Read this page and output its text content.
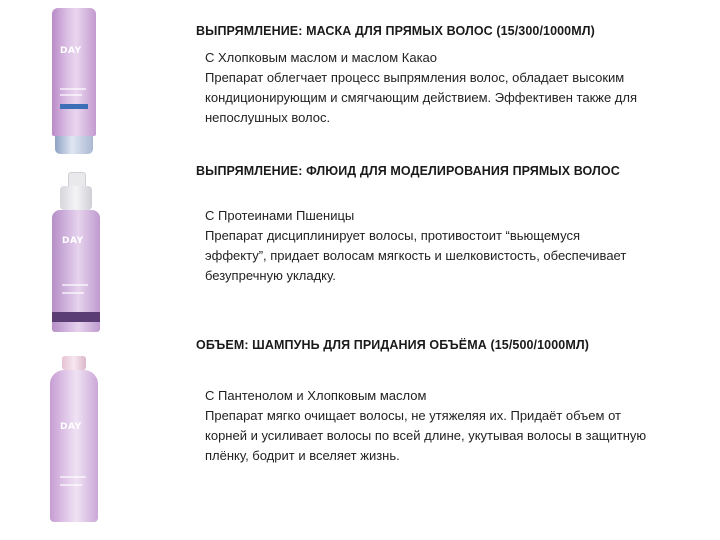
DAY
ВЫПРЯМЛЕНИЕ: МАСКА ДЛЯ ПРЯМЫХ ВОЛОС (15/300/1000МЛ)
С Хлопковым маслом и маслом Какао
Препарат облегчает процесс выпрямления волос, обладает высоким
кондиционирующим и смягчающим действием. Эффективен также для
непослушных волос.
DAY
ВЫПРЯМЛЕНИЕ: ФЛЮИД ДЛЯ МОДЕЛИРОВАНИЯ ПРЯМЫХ ВОЛОС
С Протеинами Пшеницы
Препарат дисциплинирует волосы, противостоит “вьющемуся
эффекту”, придает волосам мягкость и шелковистость, обеспечивает
безупречную укладку.
DAY
ОБЪЕМ: ШАМПУНЬ ДЛЯ ПРИДАНИЯ ОБЪЁМА (15/500/1000МЛ)
С Пантенолом и Хлопковым маслом
Препарат мягко очищает волосы, не утяжеляя их. Придаёт объем от
корней и усиливает волосы по всей длине, укутывая волосы в защитную
плёнку, бодрит и вселяет жизнь.
